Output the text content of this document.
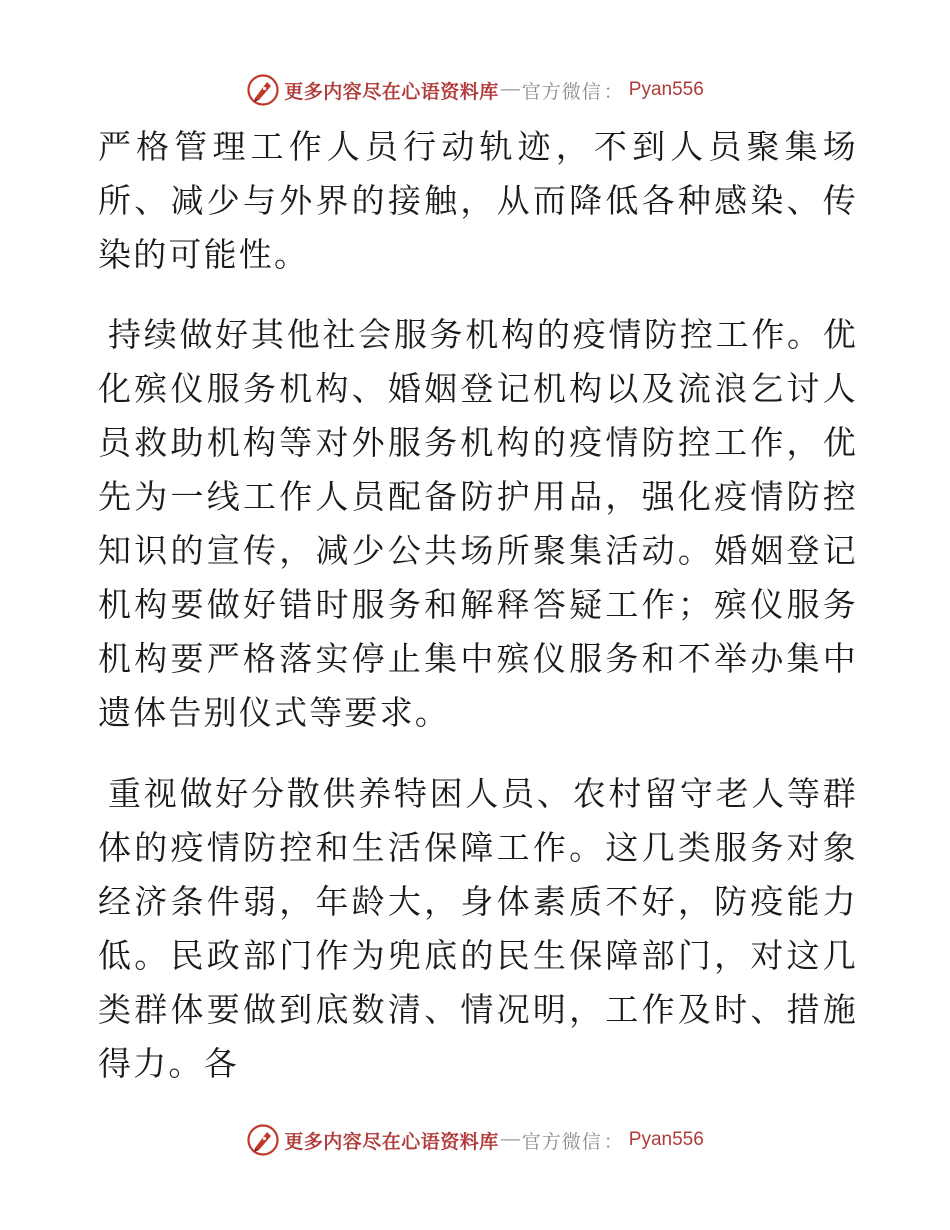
更多内容尽在心语资料库 — 官方微信 ： Pyan556

严格管理工作人员行动轨迹，不到人员聚集场所、减少与外界的接触，从而降低各种感染、传染的可能性。

持续做好其他社会服务机构的疫情防控工作。优化殡仪服务机构、婚姻登记机构以及流浪乞讨人员救助机构等对外服务机构的疫情防控工作，优先为一线工作人员配备防护用品，强化疫情防控知识的宣传，减少公共场所聚集活动。婚姻登记机构要做好错时服务和解释答疑工作；殡仪服务机构要严格落实停止集中殡仪服务和不举办集中遗体告别仪式等要求。

重视做好分散供养特困人员、农村留守老人等群体的疫情防控和生活保障工作。这几类服务对象经济条件弱，年龄大，身体素质不好，防疫能力低。民政部门作为兜底的民生保障部门，对这几类群体要做到底数清、情况明，工作及时、措施得力。各

更多内容尽在心语资料库 — 官方微信 ： Pyan556
